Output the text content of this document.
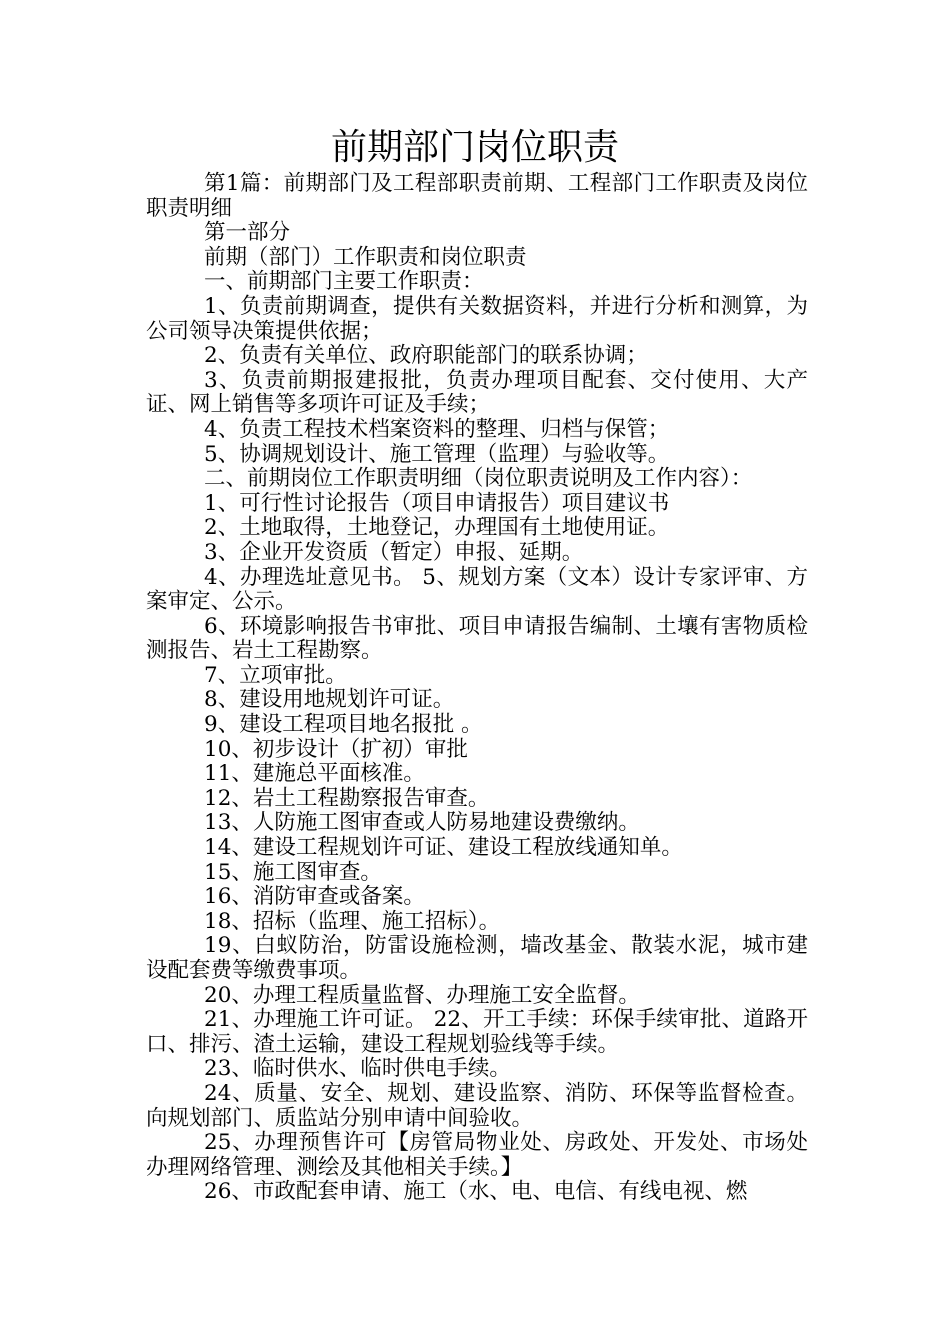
前期部门岗位职责

第1篇：前期部门及工程部职责前期、工程部门工作职责及岗位职责明细

第一部分

前期（部门）工作职责和岗位职责

一、前期部门主要工作职责：

1、负责前期调查，提供有关数据资料，并进行分析和测算，为公司领导决策提供依据；

2、负责有关单位、政府职能部门的联系协调；

3、负责前期报建报批，负责办理项目配套、交付使用、大产证、网上销售等多项许可证及手续；

4、负责工程技术档案资料的整理、归档与保管；

5、协调规划设计、施工管理（监理）与验收等。

二、前期岗位工作职责明细（岗位职责说明及工作内容）：

1、可行性讨论报告（项目申请报告）项目建议书

2、土地取得，土地登记，办理国有土地使用证。

3、企业开发资质（暂定）申报、延期。

4、办理选址意见书。 5、规划方案（文本）设计专家评审、方案审定、公示。

6、环境影响报告书审批、项目申请报告编制、土壤有害物质检测报告、岩土工程勘察。

7、立项审批。

8、建设用地规划许可证。

9、建设工程项目地名报批 。

10、初步设计（扩初）审批

11、建施总平面核准。

12、岩土工程勘察报告审查。

13、人防施工图审查或人防易地建设费缴纳。

14、建设工程规划许可证、建设工程放线通知单。

15、施工图审查。

16、消防审查或备案。

18、招标（监理、施工招标）。

19、白蚁防治，防雷设施检测，墙改基金、散装水泥，城市建设配套费等缴费事项。

20、办理工程质量监督、办理施工安全监督。

21、办理施工许可证。 22、开工手续：环保手续审批、道路开口、排污、渣土运输，建设工程规划验线等手续。

23、临时供水、临时供电手续。

24、质量、安全、规划、建设监察、消防、环保等监督检查。向规划部门、质监站分别申请中间验收。

25、办理预售许可【房管局物业处、房政处、开发处、市场处办理网络管理、测绘及其他相关手续。】

26、市政配套申请、施工（水、电、电信、有线电视、燃
